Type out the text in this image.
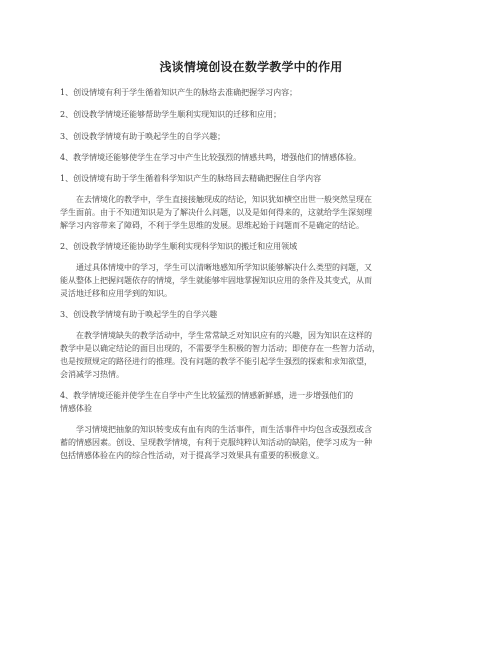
浅谈情境创设在数学教学中的作用
1、创设情境有利于学生循着知识产生的脉络去准确把握学习内容；
2、创设教学情境还能够帮助学生顺利实现知识的迁移和应用；
3、创设教学情境有助于唤起学生的自学兴趣；
4、教学情境还能够使学生在学习中产生比较强烈的情感共鸣，增强他们的情感体验。
1、创设情境有助于学生循着科学知识产生的脉络回去精确把握住自学内容
在去情境化的教学中，学生直接接触现成的结论，知识犹如横空出世一般突然呈现在
学生面前。由于不知道知识是为了解决什么问题，以及是如何得来的，这就给学生深刻理
解学习内容带来了障碍，不利于学生思维的发展。思维起始于问题而不是确定的结论。
2、创设教学情境还能协助学生顺利实现科学知识的搬迁和应用领域
通过具体情境中的学习，学生可以清晰地感知所学知识能够解决什么类型的问题，又
能从整体上把握问题依存的情境，学生就能够牢固地掌握知识应用的条件及其变式，从而
灵活地迁移和应用学到的知识。
3、创设教学情境有助于唤起学生的自学兴趣
在教学情境缺失的教学活动中，学生常常缺乏对知识应有的兴趣，因为知识在这样的
教学中是以确定结论的面目出现的，不需要学生积极的智力活动；即使存在一些智力活动，
也是按照规定的路径进行的推理。没有问题的教学不能引起学生强烈的探索和求知欲望，
会消减学习热情。
4、教学情境还能并使学生在自学中产生比较猛烈的情感新鲜感，进一步增强他们的
情感体验
学习情境把抽象的知识转变成有血有肉的生活事件，而生活事件中均包含或强烈或含
蓄的情感因素。创设、呈现教学情境，有利于克服纯粹认知活动的缺陷，使学习成为一种
包括情感体验在内的综合性活动，对于提高学习效果具有重要的积极意义。
